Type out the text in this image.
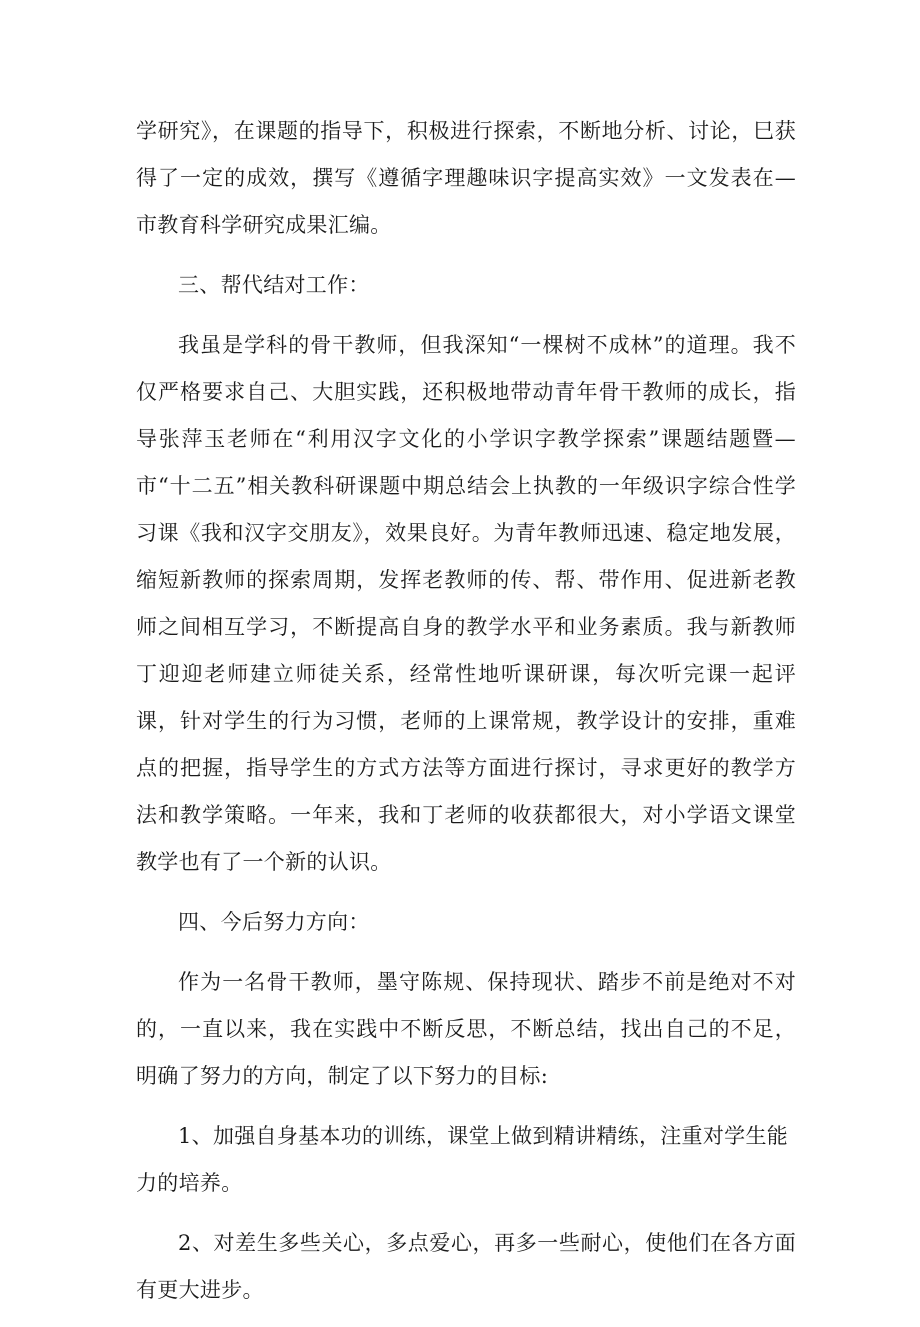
学研究》，在课题的指导下，积极进行探索，不断地分析、讨论，巳获得了一定的成效，撰写《遵循字理趣味识字提高实效》一文发表在—市教育科学研究成果汇编。

三、帮代结对工作：

我虽是学科的骨干教师，但我深知“一棵树不成林”的道理。我不仅严格要求自己、大胆实践，还积极地带动青年骨干教师的成长，指导张萍玉老师在“利用汉字文化的小学识字教学探索”课题结题暨—市“十二五”相关教科研课题中期总结会上执教的一年级识字综合性学习课《我和汉字交朋友》，效果良好。为青年教师迅速、稳定地发展，缩短新教师的探索周期，发挥老教师的传、帮、带作用、促进新老教师之间相互学习，不断提高自身的教学水平和业务素质。我与新教师丁迎迎老师建立师徒关系，经常性地听课研课，每次听完课一起评课，针对学生的行为习惯，老师的上课常规，教学设计的安排，重难点的把握，指导学生的方式方法等方面进行探讨，寻求更好的教学方法和教学策略。一年来，我和丁老师的收获都很大，对小学语文课堂教学也有了一个新的认识。

四、今后努力方向：

作为一名骨干教师，墨守陈规、保持现状、踏步不前是绝对不对的，一直以来，我在实践中不断反思，不断总结，找出自己的不足，明确了努力的方向，制定了以下努力的目标:

1、加强自身基本功的训练，课堂上做到精讲精练，注重对学生能
力的培养。

2、对差生多些关心，多点爱心，再多一些耐心，使他们在各方面有更大进步。
